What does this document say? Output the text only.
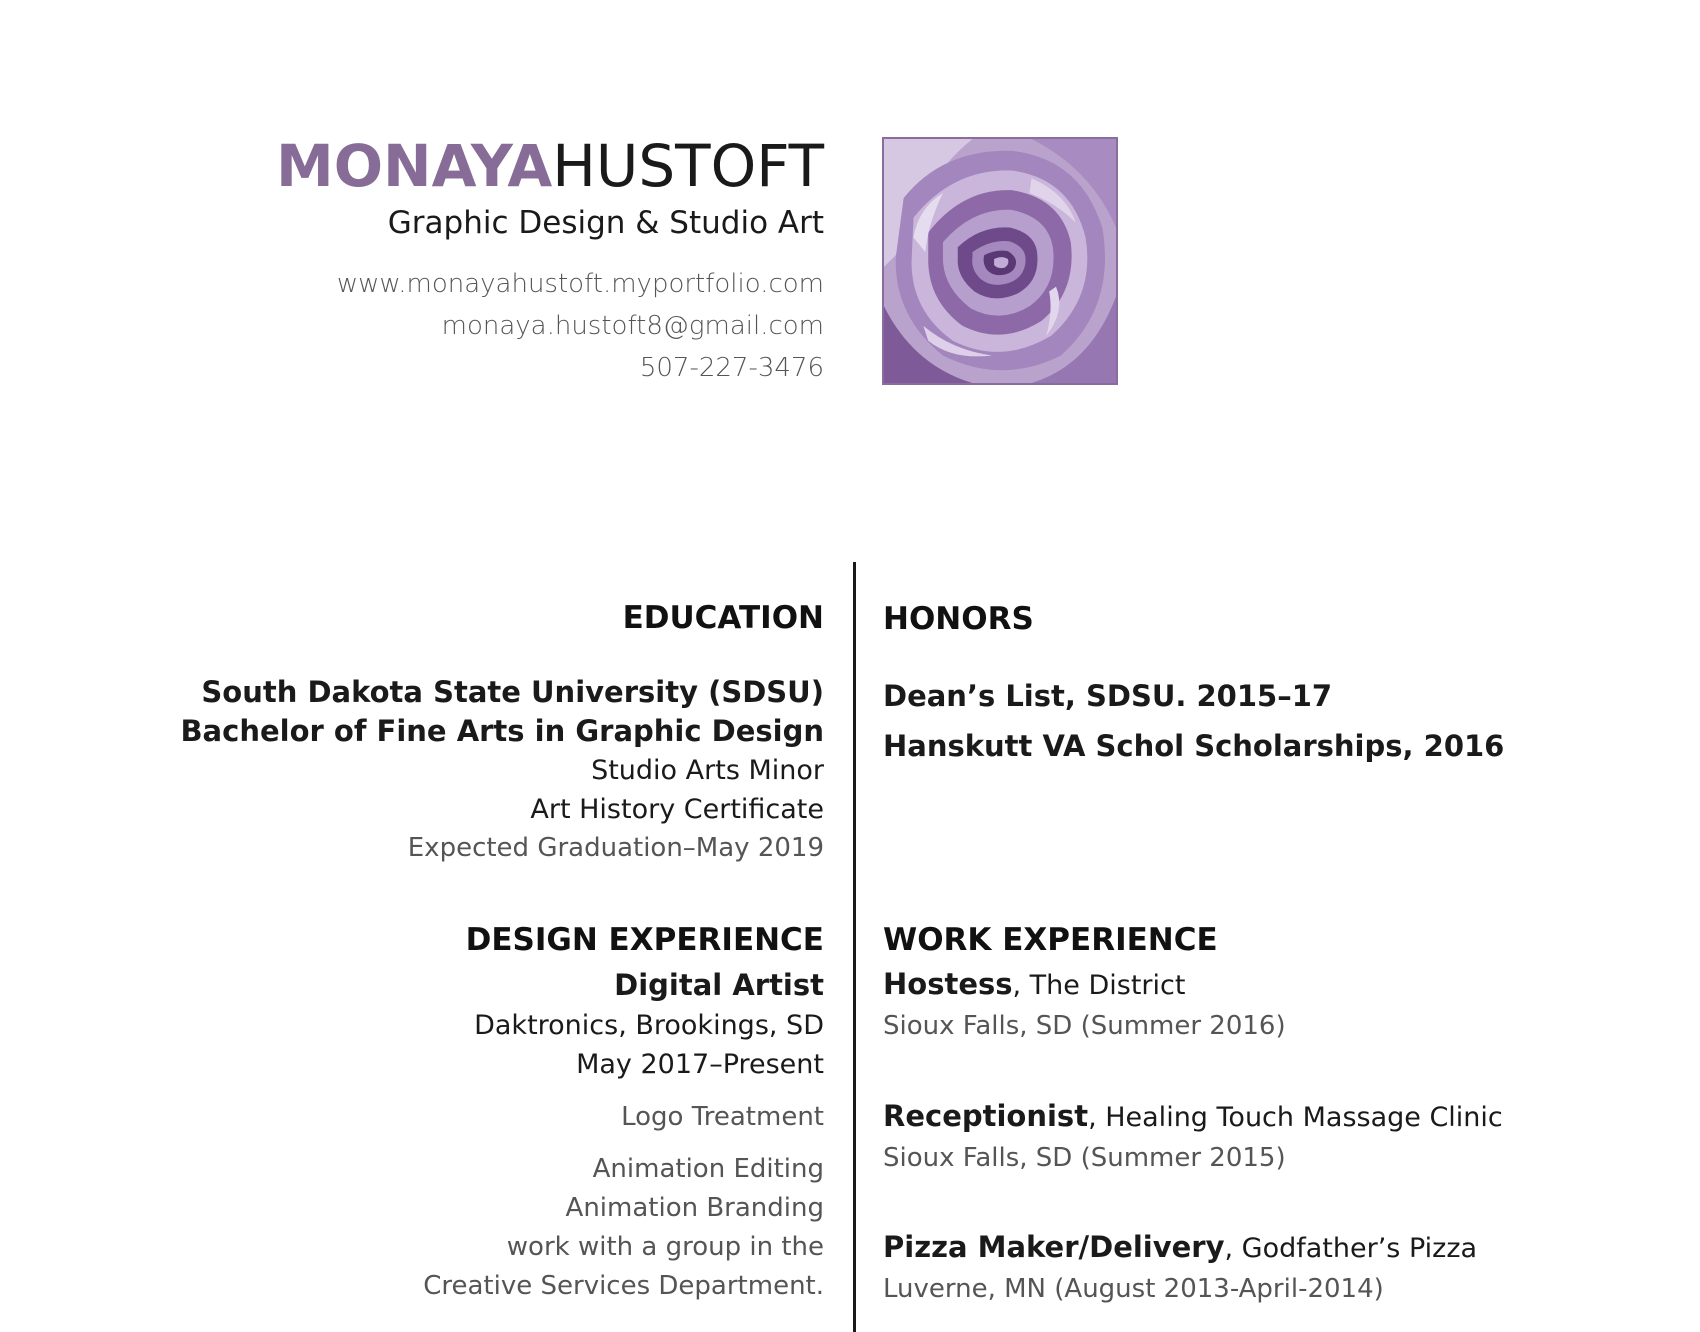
MONAYAHUSTOFT
Graphic Design & Studio Art
www.monayahustoft.myportfolio.com
monaya.hustoft8@gmail.com
507-227-3476
EDUCATION
South Dakota State University (SDSU)
Bachelor of Fine Arts in Graphic Design
Studio Arts Minor
Art History Certificate
Expected Graduation–May 2019
HONORS
Dean’s List, SDSU. 2015–17
Hanskutt VA Schol Scholarships, 2016
DESIGN EXPERIENCE
Digital Artist
Daktronics, Brookings, SD
May 2017–Present
Logo Treatment
Animation Editing
Animation Branding
work with a group in the
Creative Services Department.
WORK EXPERIENCE
Hostess, The District
Sioux Falls, SD (Summer 2016)
Receptionist, Healing Touch Massage Clinic
Sioux Falls, SD (Summer 2015)
Pizza Maker/Delivery, Godfather’s Pizza
Luverne, MN (August 2013-April-2014)
